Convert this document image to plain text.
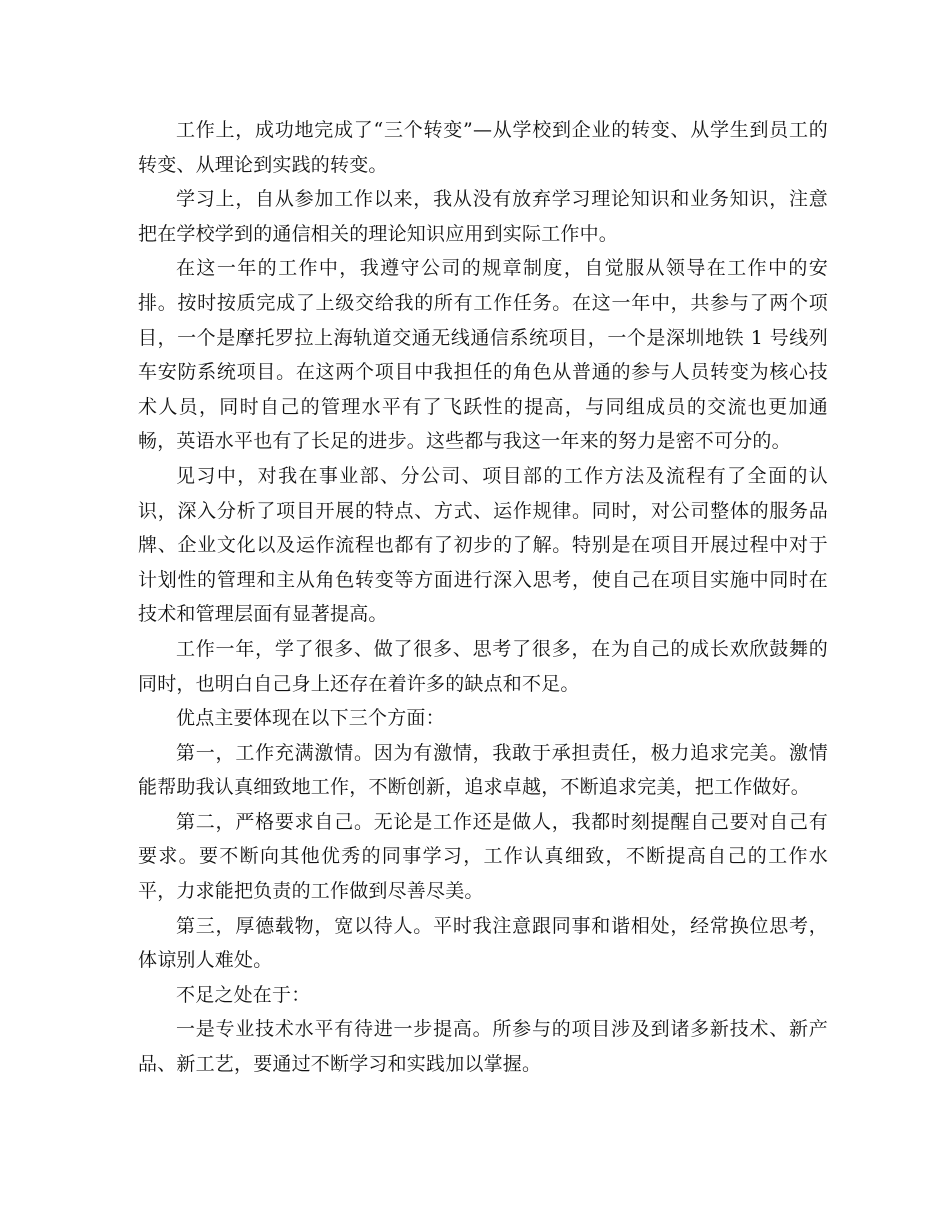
工作上，成功地完成了“三个转变”—从学校到企业的转变、从学生到员工的转变、从理论到实践的转变。

学习上，自从参加工作以来，我从没有放弃学习理论知识和业务知识，注意把在学校学到的通信相关的理论知识应用到实际工作中。

在这一年的工作中，我遵守公司的规章制度，自觉服从领导在工作中的安排。按时按质完成了上级交给我的所有工作任务。在这一年中，共参与了两个项目，一个是摩托罗拉上海轨道交通无线通信系统项目，一个是深圳地铁 1 号线列车安防系统项目。在这两个项目中我担任的角色从普通的参与人员转变为核心技术人员，同时自己的管理水平有了飞跃性的提高，与同组成员的交流也更加通畅，英语水平也有了长足的进步。这些都与我这一年来的努力是密不可分的。

见习中，对我在事业部、分公司、项目部的工作方法及流程有了全面的认识，深入分析了项目开展的特点、方式、运作规律。同时，对公司整体的服务品牌、企业文化以及运作流程也都有了初步的了解。特别是在项目开展过程中对于计划性的管理和主从角色转变等方面进行深入思考，使自己在项目实施中同时在技术和管理层面有显著提高。

工作一年，学了很多、做了很多、思考了很多，在为自己的成长欢欣鼓舞的同时，也明白自己身上还存在着许多的缺点和不足。

优点主要体现在以下三个方面：

第一，工作充满激情。因为有激情，我敢于承担责任，极力追求完美。激情能帮助我认真细致地工作，不断创新，追求卓越，不断追求完美，把工作做好。

第二，严格要求自己。无论是工作还是做人，我都时刻提醒自己要对自己有要求。要不断向其他优秀的同事学习，工作认真细致，不断提高自己的工作水平，力求能把负责的工作做到尽善尽美。

第三，厚德载物，宽以待人。平时我注意跟同事和谐相处，经常换位思考，体谅别人难处。

不足之处在于：

一是专业技术水平有待进一步提高。所参与的项目涉及到诸多新技术、新产品、新工艺，要通过不断学习和实践加以掌握。
